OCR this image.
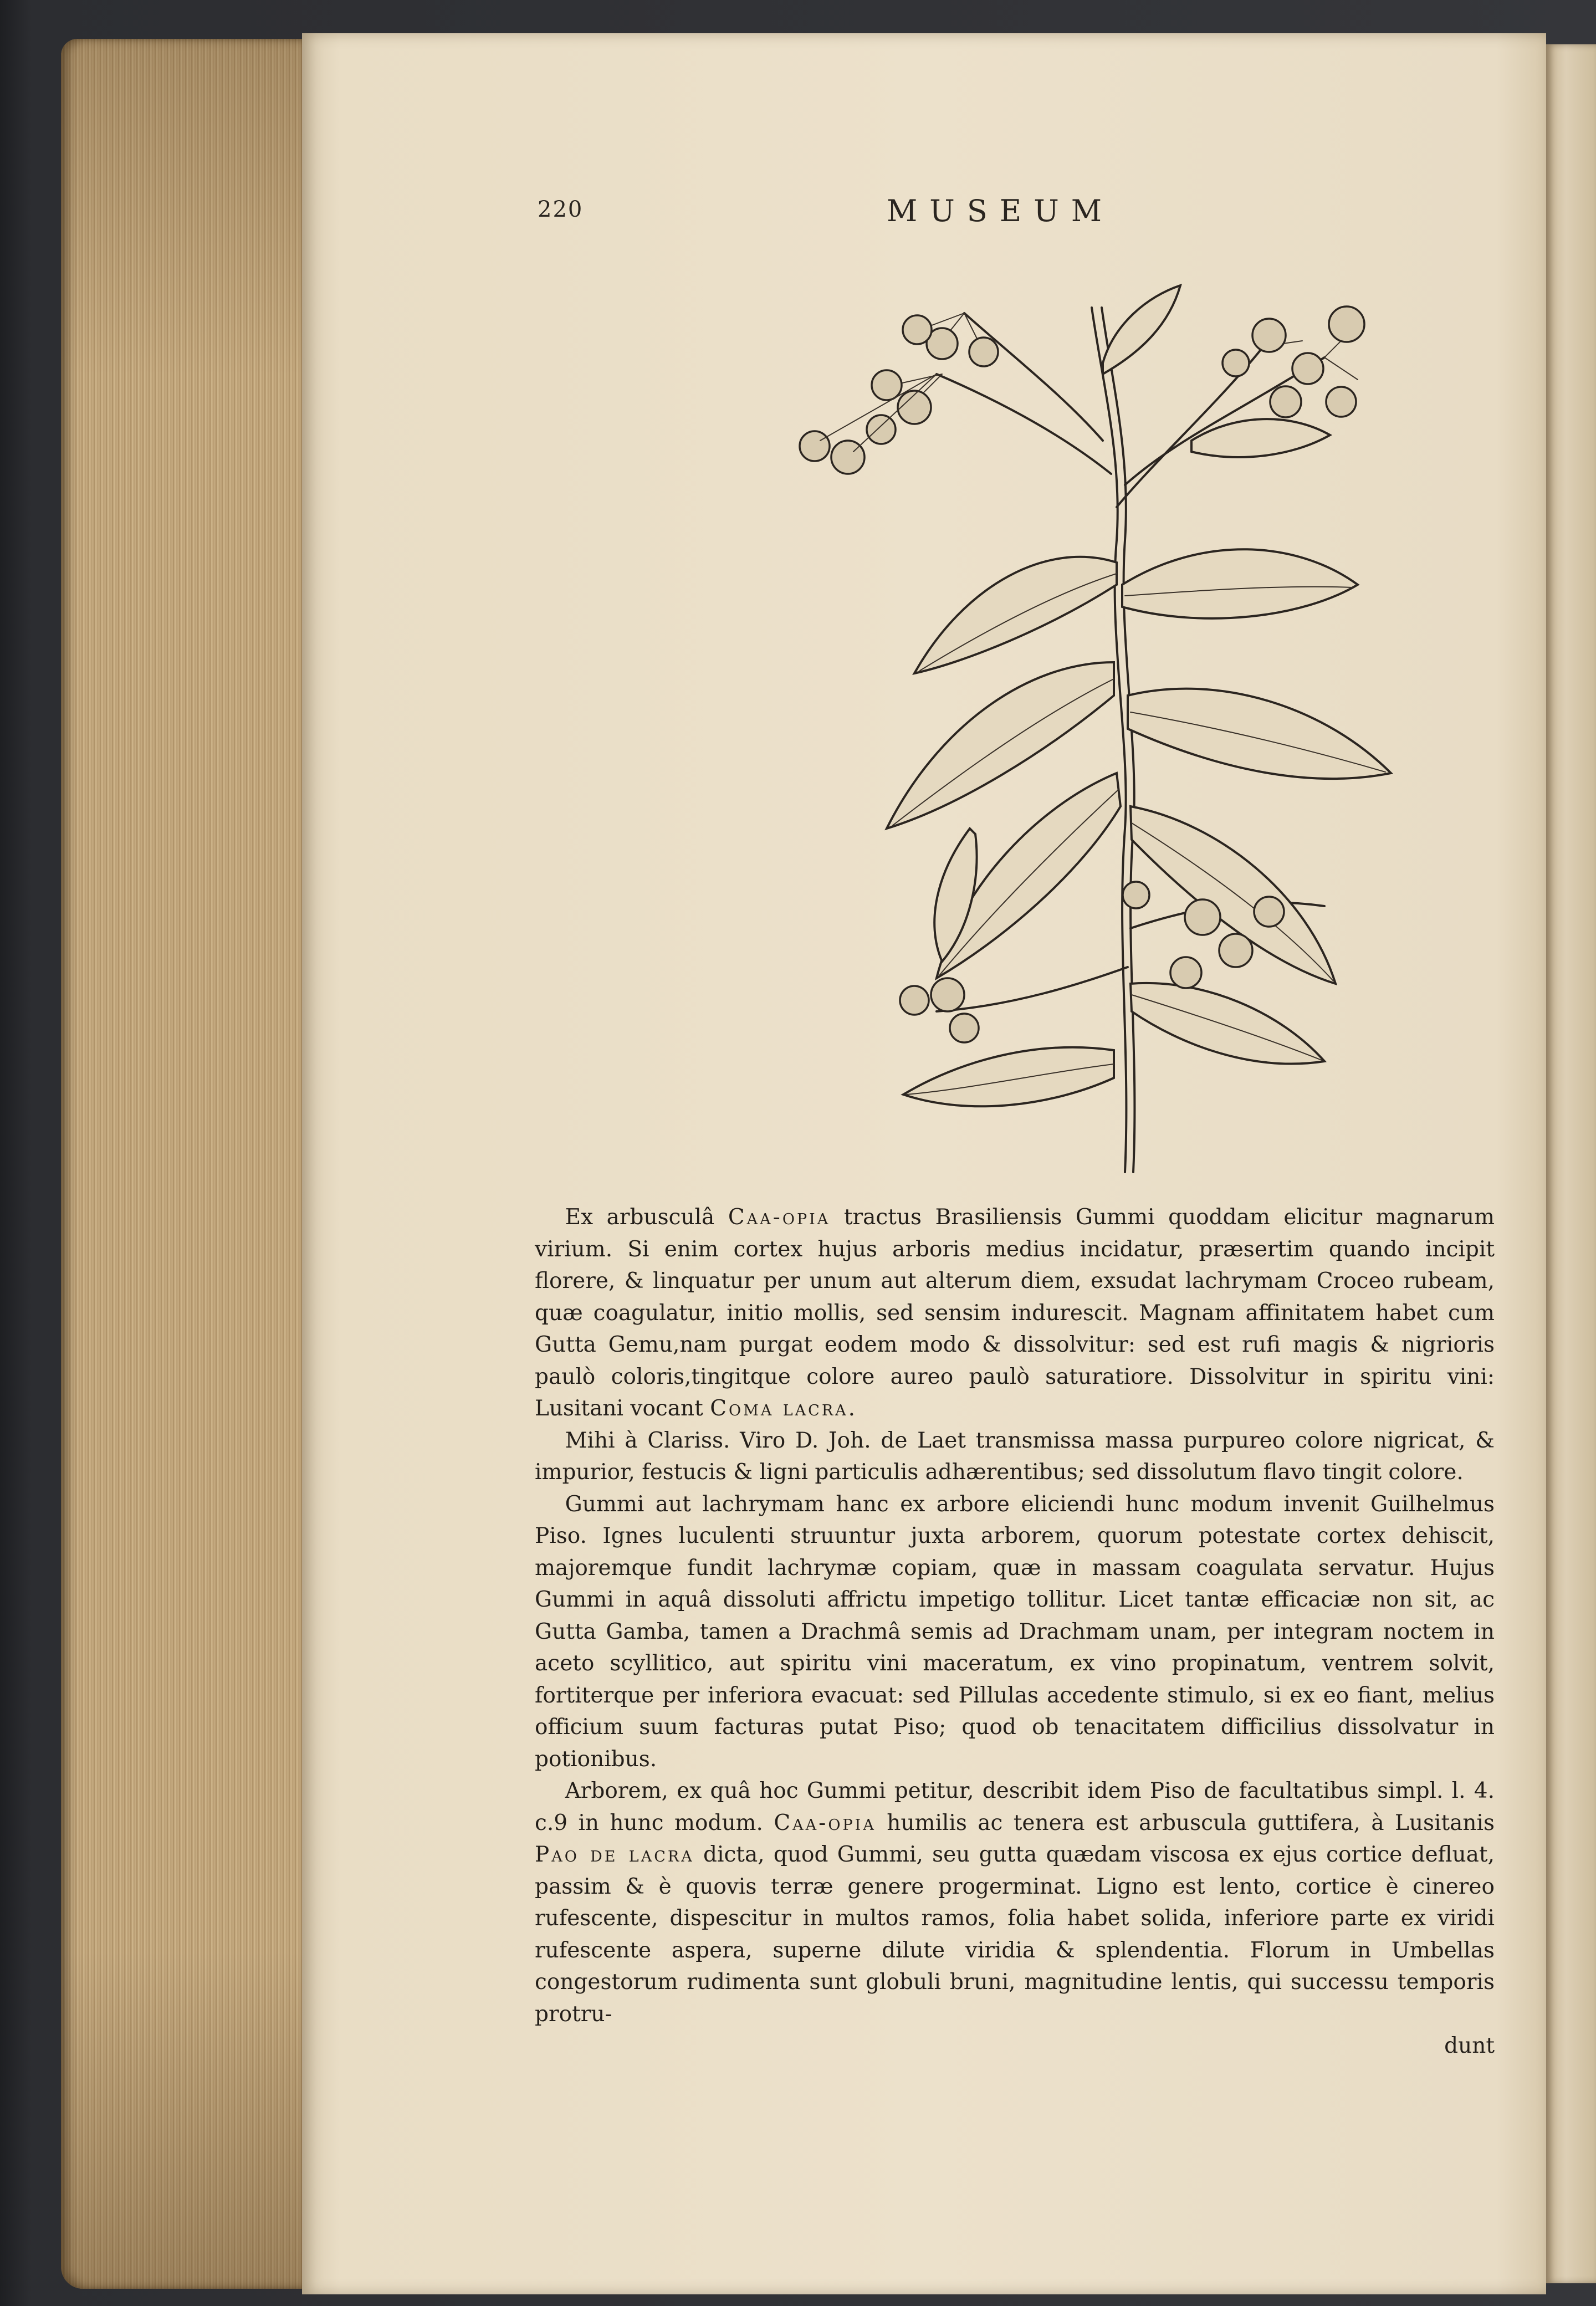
220	MUSEUM

Ex arbusculâ Caa-opia tractus Brasiliensis Gummi quoddam elicitur magnarum virium. Si enim cortex hujus arboris medius incidatur, præsertim quando incipit florere, & linquatur per unum aut alterum diem, exsudat lachrymam Croceo rubeam, quæ coagulatur, initio mollis, sed sensim indurescit. Magnam affinitatem habet cum Gutta Gemu,nam purgat eodem modo & dissolvitur: sed est rufi magis & nigrioris paulò coloris,tingitque colore aureo paulò saturatiore. Dissolvitur in spiritu vini: Lusitani vocant Coma lacra.

Mihi à Clariss. Viro D. Joh. de Laet transmissa massa purpureo colore nigricat, & impurior, festucis & ligni particulis adhærentibus; sed dissolutum flavo tingit colore.

Gummi aut lachrymam hanc ex arbore eliciendi hunc modum invenit Guilhelmus Piso. Ignes luculenti struuntur juxta arborem, quorum potestate cortex dehiscit, majoremque fundit lachrymæ copiam, quæ in massam coagulata servatur. Hujus Gummi in aquâ dissoluti affrictu impetigo tollitur. Licet tantæ efficaciæ non sit, ac Gutta Gamba, tamen a Drachmâ semis ad Drachmam unam, per integram noctem in aceto scyllitico, aut spiritu vini maceratum, ex vino propinatum, ventrem solvit, fortiterque per inferiora evacuat: sed Pillulas accedente stimulo, si ex eo fiant, melius officium suum facturas putat Piso; quod ob tenacitatem difficilius dissolvatur in potionibus.

Arborem, ex quâ hoc Gummi petitur, describit idem Piso de facultatibus simpl. l. 4. c.9 in hunc modum. Caa-opia humilis ac tenera est arbuscula guttifera, à Lusitanis Pao de lacra dicta, quod Gummi, seu gutta quædam viscosa ex ejus cortice defluat, passim & è quovis terræ genere progerminat. Ligno est lento, cortice è cinereo rufescente, dispescitur in multos ramos, folia habet solida, inferiore parte ex viridi rufescente aspera, superne dilute viridia & splendentia. Florum in Umbellas congestorum rudimenta sunt globuli bruni, magnitudine lentis, qui successu temporis protru-

dunt
